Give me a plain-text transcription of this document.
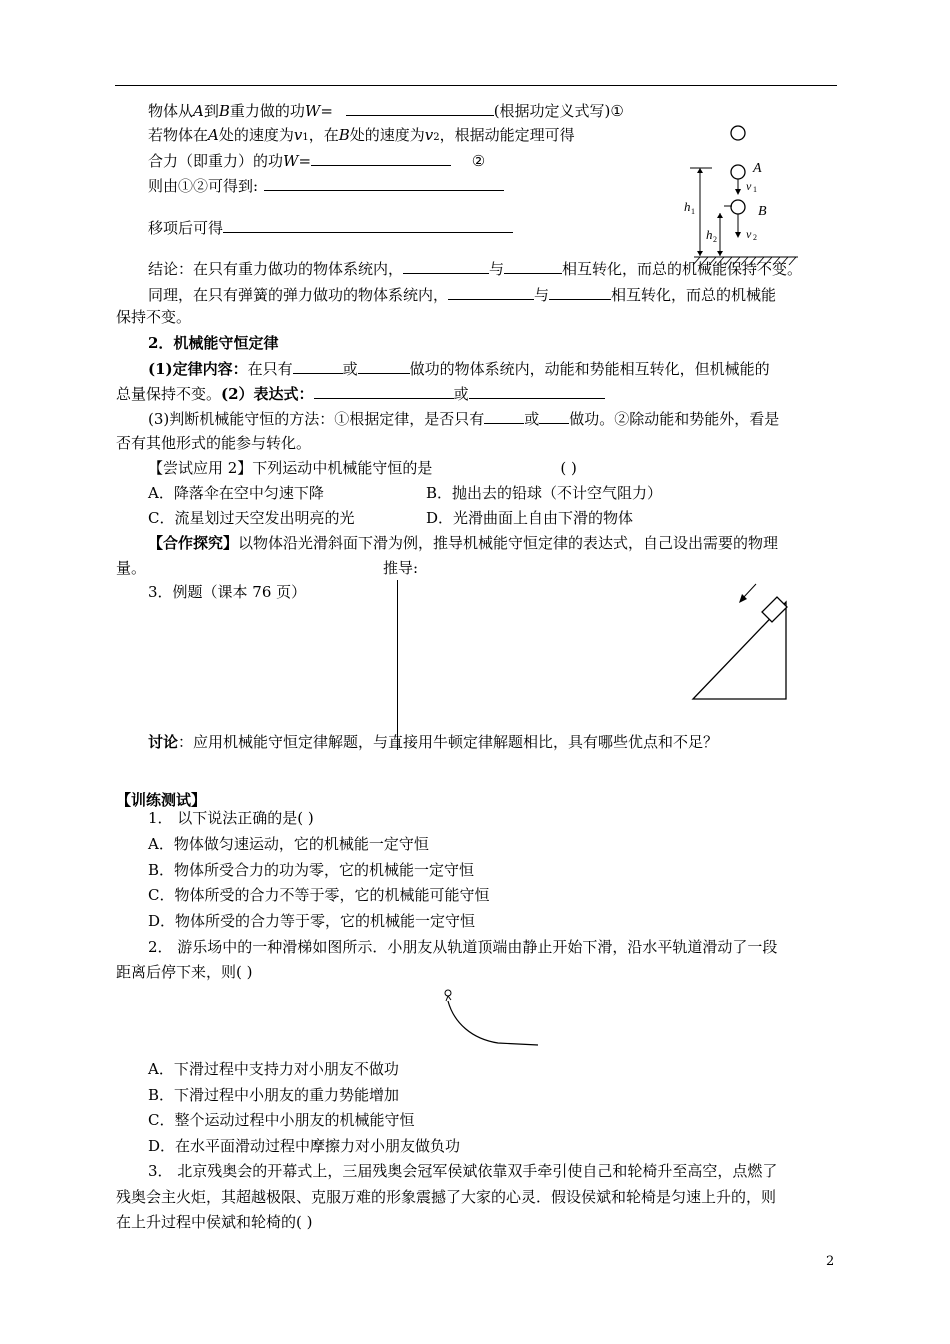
物体从A到B重力做的功W=	(根据功定义式写)①
若物体在A处的速度为v1，在B处的速度为v2，根据动能定理可得
合力（即重力）的功W=	②
则由①②可得到:
移项后可得
结论：在只有重力做功的物体系统内，	与	相互转化，而总的机械能保持不变。
同理，在只有弹簧的弹力做功的物体系统内，	与	相互转化，而总的机械能
保持不变。
A
B
v 1
v 2
h 1
h 2
2．机械能守恒定律
(1)定律内容：在只有	或	做功的物体系统内，动能和势能相互转化，但机械能的
总量保持不变。(2）表达式：	或
(3)判断机械能守恒的方法：①根据定律，是否只有	或 做功。②除动能和势能外，看是
否有其他形式的能参与转化。
【尝试应用 2】下列运动中机械能守恒的是	( )
A．降落伞在空中匀速下降	B．抛出去的铅球（不计空气阻力）
C．流星划过天空发出明亮的光	D．光滑曲面上自由下滑的物体
【合作探究】以物体沿光滑斜面下滑为例，推导机械能守恒定律的表达式，自己设出需要的物理
量。	推导:
3．例题（课本 76 页）
讨论：应用机械能守恒定律解题，与直接用牛顿定律解题相比，具有哪些优点和不足？
【训练测试】
1． 以下说法正确的是( )
A．物体做匀速运动，它的机械能一定守恒
B．物体所受合力的功为零，它的机械能一定守恒
C．物体所受的合力不等于零，它的机械能可能守恒
D．物体所受的合力等于零，它的机械能一定守恒
2． 游乐场中的一种滑梯如图所示．小朋友从轨道顶端由静止开始下滑，沿水平轨道滑动了一段
距离后停下来，则( )
A．下滑过程中支持力对小朋友不做功
B．下滑过程中小朋友的重力势能增加
C．整个运动过程中小朋友的机械能守恒
D．在水平面滑动过程中摩擦力对小朋友做负功
3． 北京残奥会的开幕式上，三届残奥会冠军侯斌依靠双手牵引使自己和轮椅升至高空，点燃了
残奥会主火炬，其超越极限、克服万难的形象震撼了大家的心灵．假设侯斌和轮椅是匀速上升的，则
在上升过程中侯斌和轮椅的( )
2
